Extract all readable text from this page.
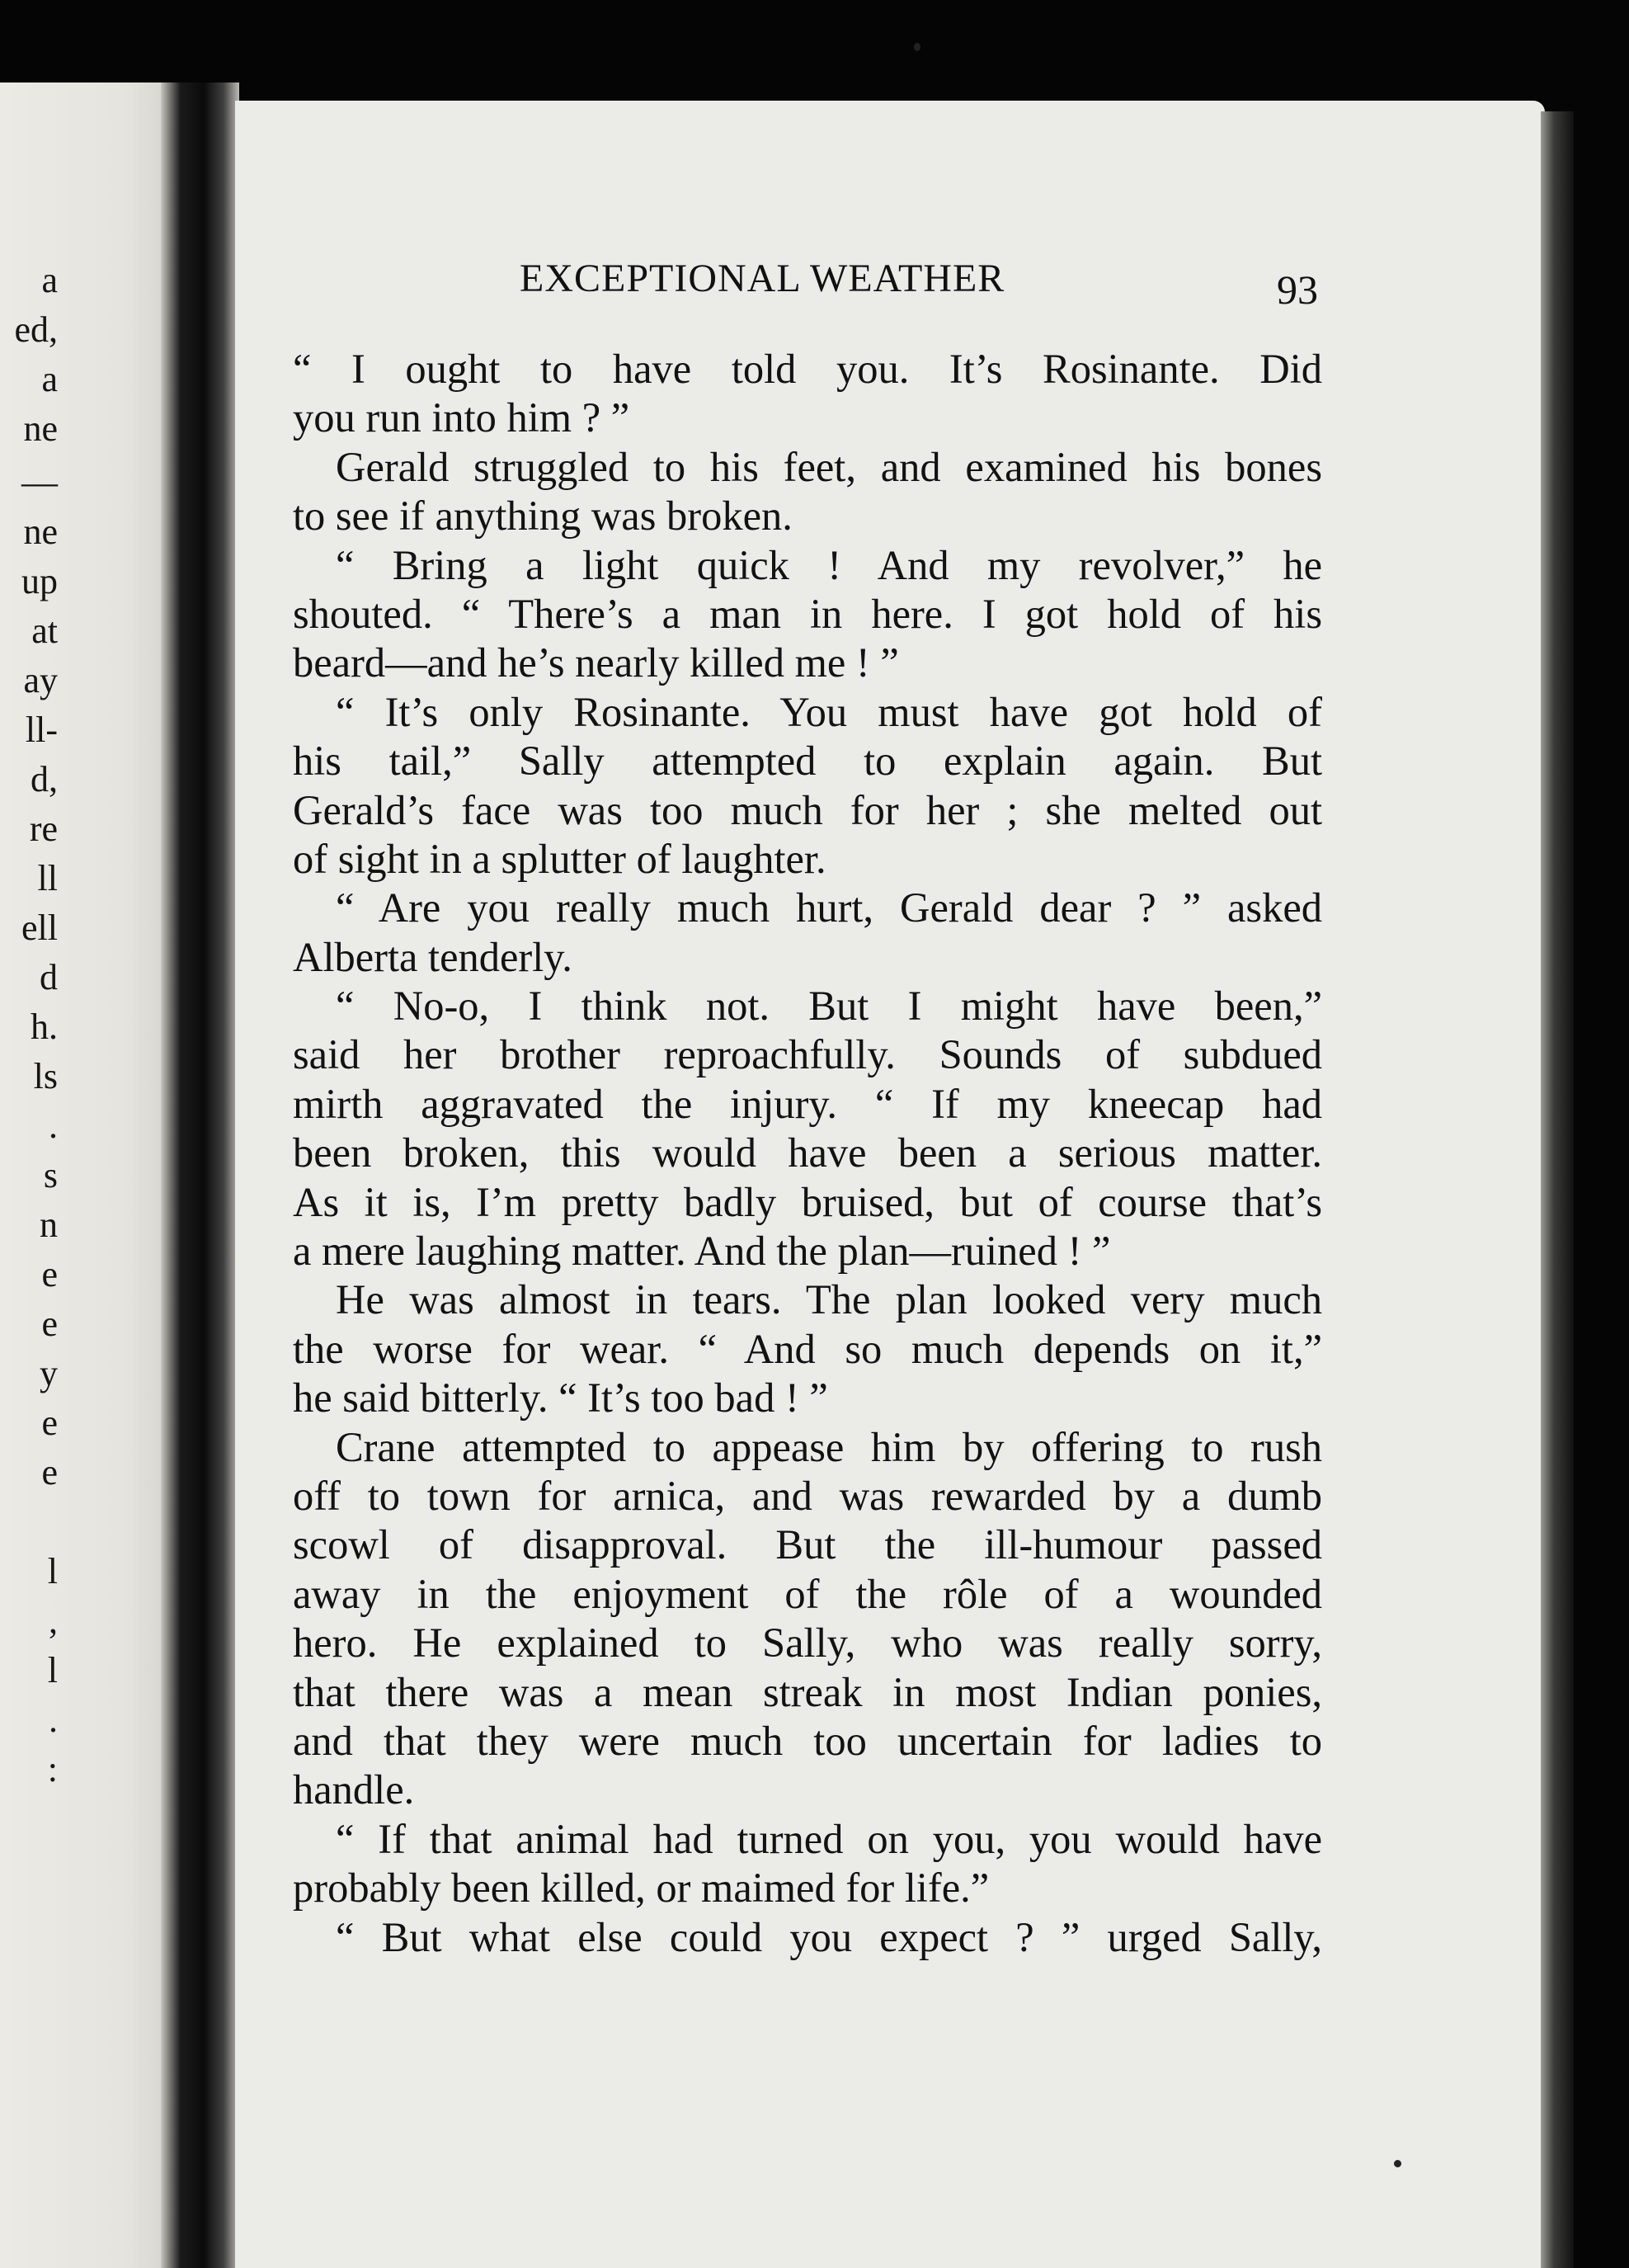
a
ed,
a
ne
—
ne
up
at
ay
ll-
d,
re
ll
ell
d
h.
ls
.
s
n
e
e
y
e
e
l
,
l
.
:
EXCEPTIONAL WEATHER	93
“ I ought to have told you. It’s Rosinante. Did
you run into him ? ”
Gerald struggled to his feet, and examined his bones
to see if anything was broken.
“ Bring a light quick ! And my revolver,” he
shouted. “ There’s a man in here. I got hold of his
beard—and he’s nearly killed me ! ”
“ It’s only Rosinante. You must have got hold of
his tail,” Sally attempted to explain again. But
Gerald’s face was too much for her ; she melted out
of sight in a splutter of laughter.
“ Are you really much hurt, Gerald dear ? ” asked
Alberta tenderly.
“ No-o, I think not. But I might have been,”
said her brother reproachfully. Sounds of subdued
mirth aggravated the injury. “ If my kneecap had
been broken, this would have been a serious matter.
As it is, I’m pretty badly bruised, but of course that’s
a mere laughing matter. And the plan—ruined ! ”
He was almost in tears. The plan looked very much
the worse for wear. “ And so much depends on it,”
he said bitterly. “ It’s too bad ! ”
Crane attempted to appease him by offering to rush
off to town for arnica, and was rewarded by a dumb
scowl of disapproval. But the ill-humour passed
away in the enjoyment of the rôle of a wounded
hero. He explained to Sally, who was really sorry,
that there was a mean streak in most Indian ponies,
and that they were much too uncertain for ladies to
handle.
“ If that animal had turned on you, you would have
probably been killed, or maimed for life.”
“ But what else could you expect ? ” urged Sally,
